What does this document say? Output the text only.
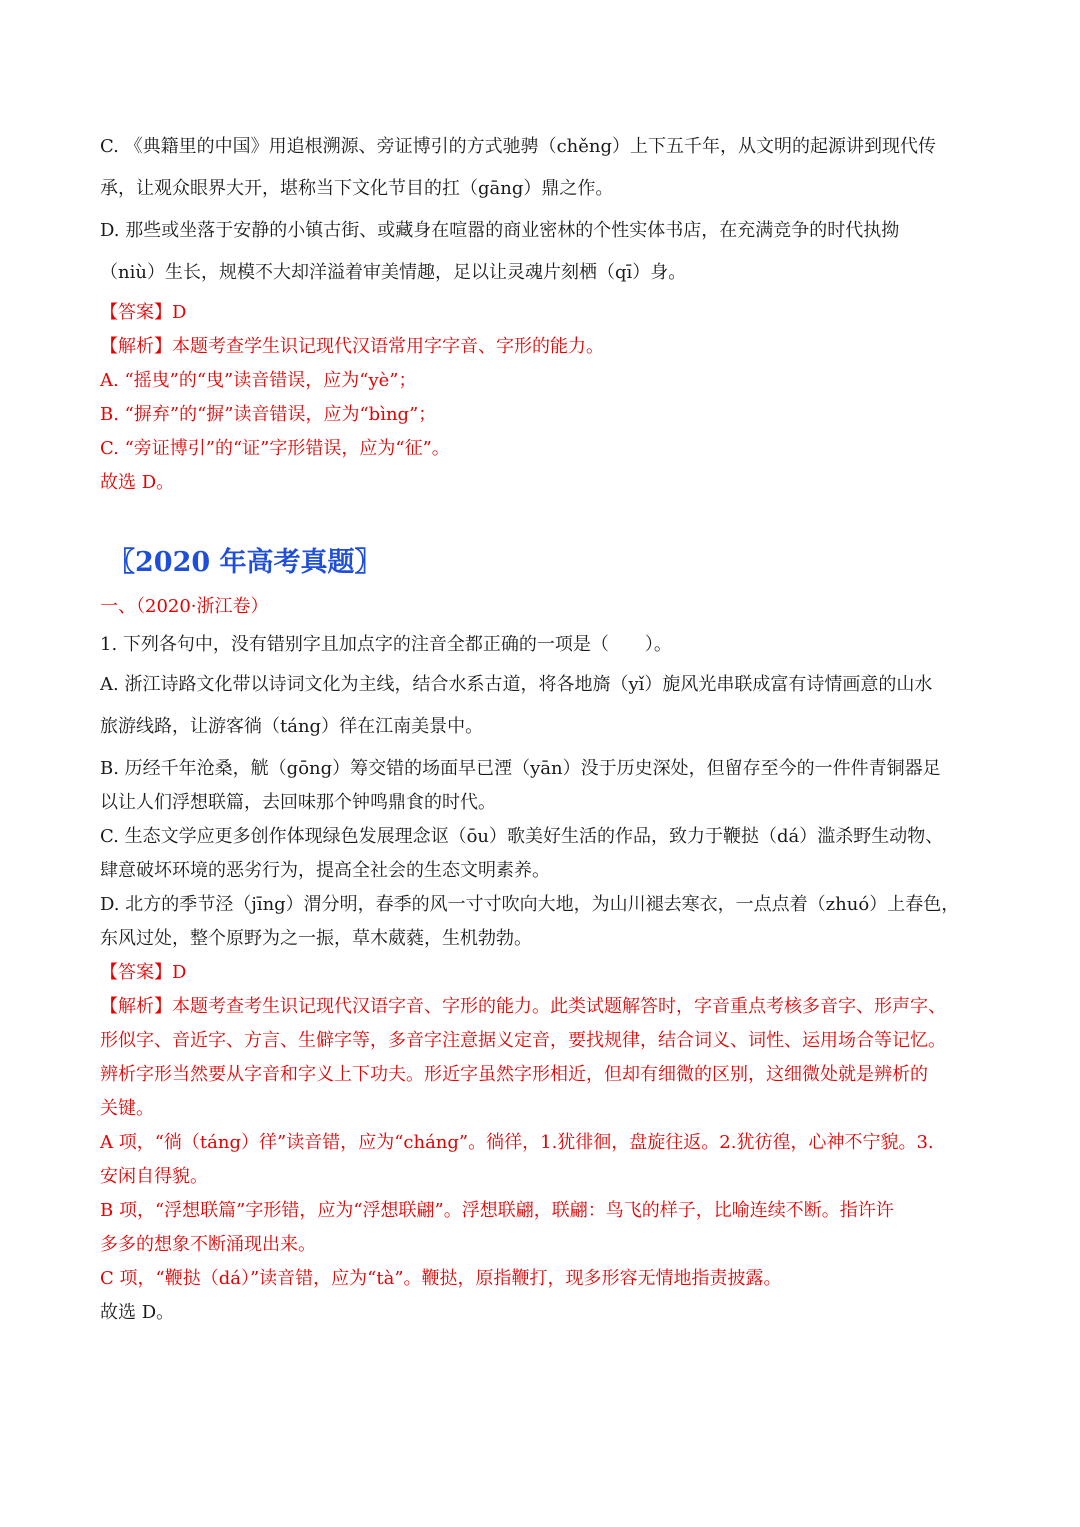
C. 《典籍里的中国》用追根溯源、旁证博引的方式驰骋（chěng）上下五千年，从文明的起源讲到现代传

承，让观众眼界大开，堪称当下文化节目的扛（gāng）鼎之作。

D. 那些或坐落于安静的小镇古街、或藏身在喧嚣的商业密林的个性实体书店，在充满竞争的时代执拗

（niù）生长，规模不大却洋溢着审美情趣，足以让灵魂片刻栖（qī）身。

【答案】D

【解析】本题考查学生识记现代汉语常用字字音、字形的能力。

A. “摇曳”的“曳”读音错误，应为“yè”；

B. “摒弃”的“摒”读音错误，应为“bìng”；

C. “旁证博引”的“证”字形错误，应为“征”。

故选 D。

〖2020 年高考真题〗

一、（2020·浙江卷）

1. 下列各句中，没有错别字且加点字的注音全都正确的一项是（　　）。

A. 浙江诗路文化带以诗词文化为主线，结合水系古道，将各地旖（yǐ）旎风光串联成富有诗情画意的山水

旅游线路，让游客徜（táng）徉在江南美景中。

B. 历经千年沧桑，觥（gōng）筹交错的场面早已湮（yān）没于历史深处，但留存至今的一件件青铜器足

以让人们浮想联篇，去回味那个钟鸣鼎食的时代。

C. 生态文学应更多创作体现绿色发展理念讴（ōu）歌美好生活的作品，致力于鞭挞（dá）滥杀野生动物、

肆意破坏环境的恶劣行为，提高全社会的生态文明素养。

D. 北方的季节泾（jīng）渭分明，春季的风一寸寸吹向大地，为山川褪去寒衣，一点点着（zhuó）上春色，

东风过处，整个原野为之一振，草木葳蕤，生机勃勃。

【答案】D

【解析】本题考查考生识记现代汉语字音、字形的能力。此类试题解答时，字音重点考核多音字、形声字、

形似字、音近字、方言、生僻字等，多音字注意据义定音，要找规律，结合词义、词性、运用场合等记忆。

辨析字形当然要从字音和字义上下功夫。形近字虽然字形相近，但却有细微的区别，这细微处就是辨析的

关键。

A 项，“徜（táng）徉”读音错，应为“cháng”。徜徉，1.犹徘徊，盘旋往返。2.犹彷徨，心神不宁貌。3.

安闲自得貌。

B 项，“浮想联篇”字形错，应为“浮想联翩”。浮想联翩，联翩：鸟飞的样子，比喻连续不断。指许许

多多的想象不断涌现出来。

C 项，“鞭挞（dá）”读音错，应为“tà”。鞭挞，原指鞭打，现多形容无情地指责披露。

故选 D。
